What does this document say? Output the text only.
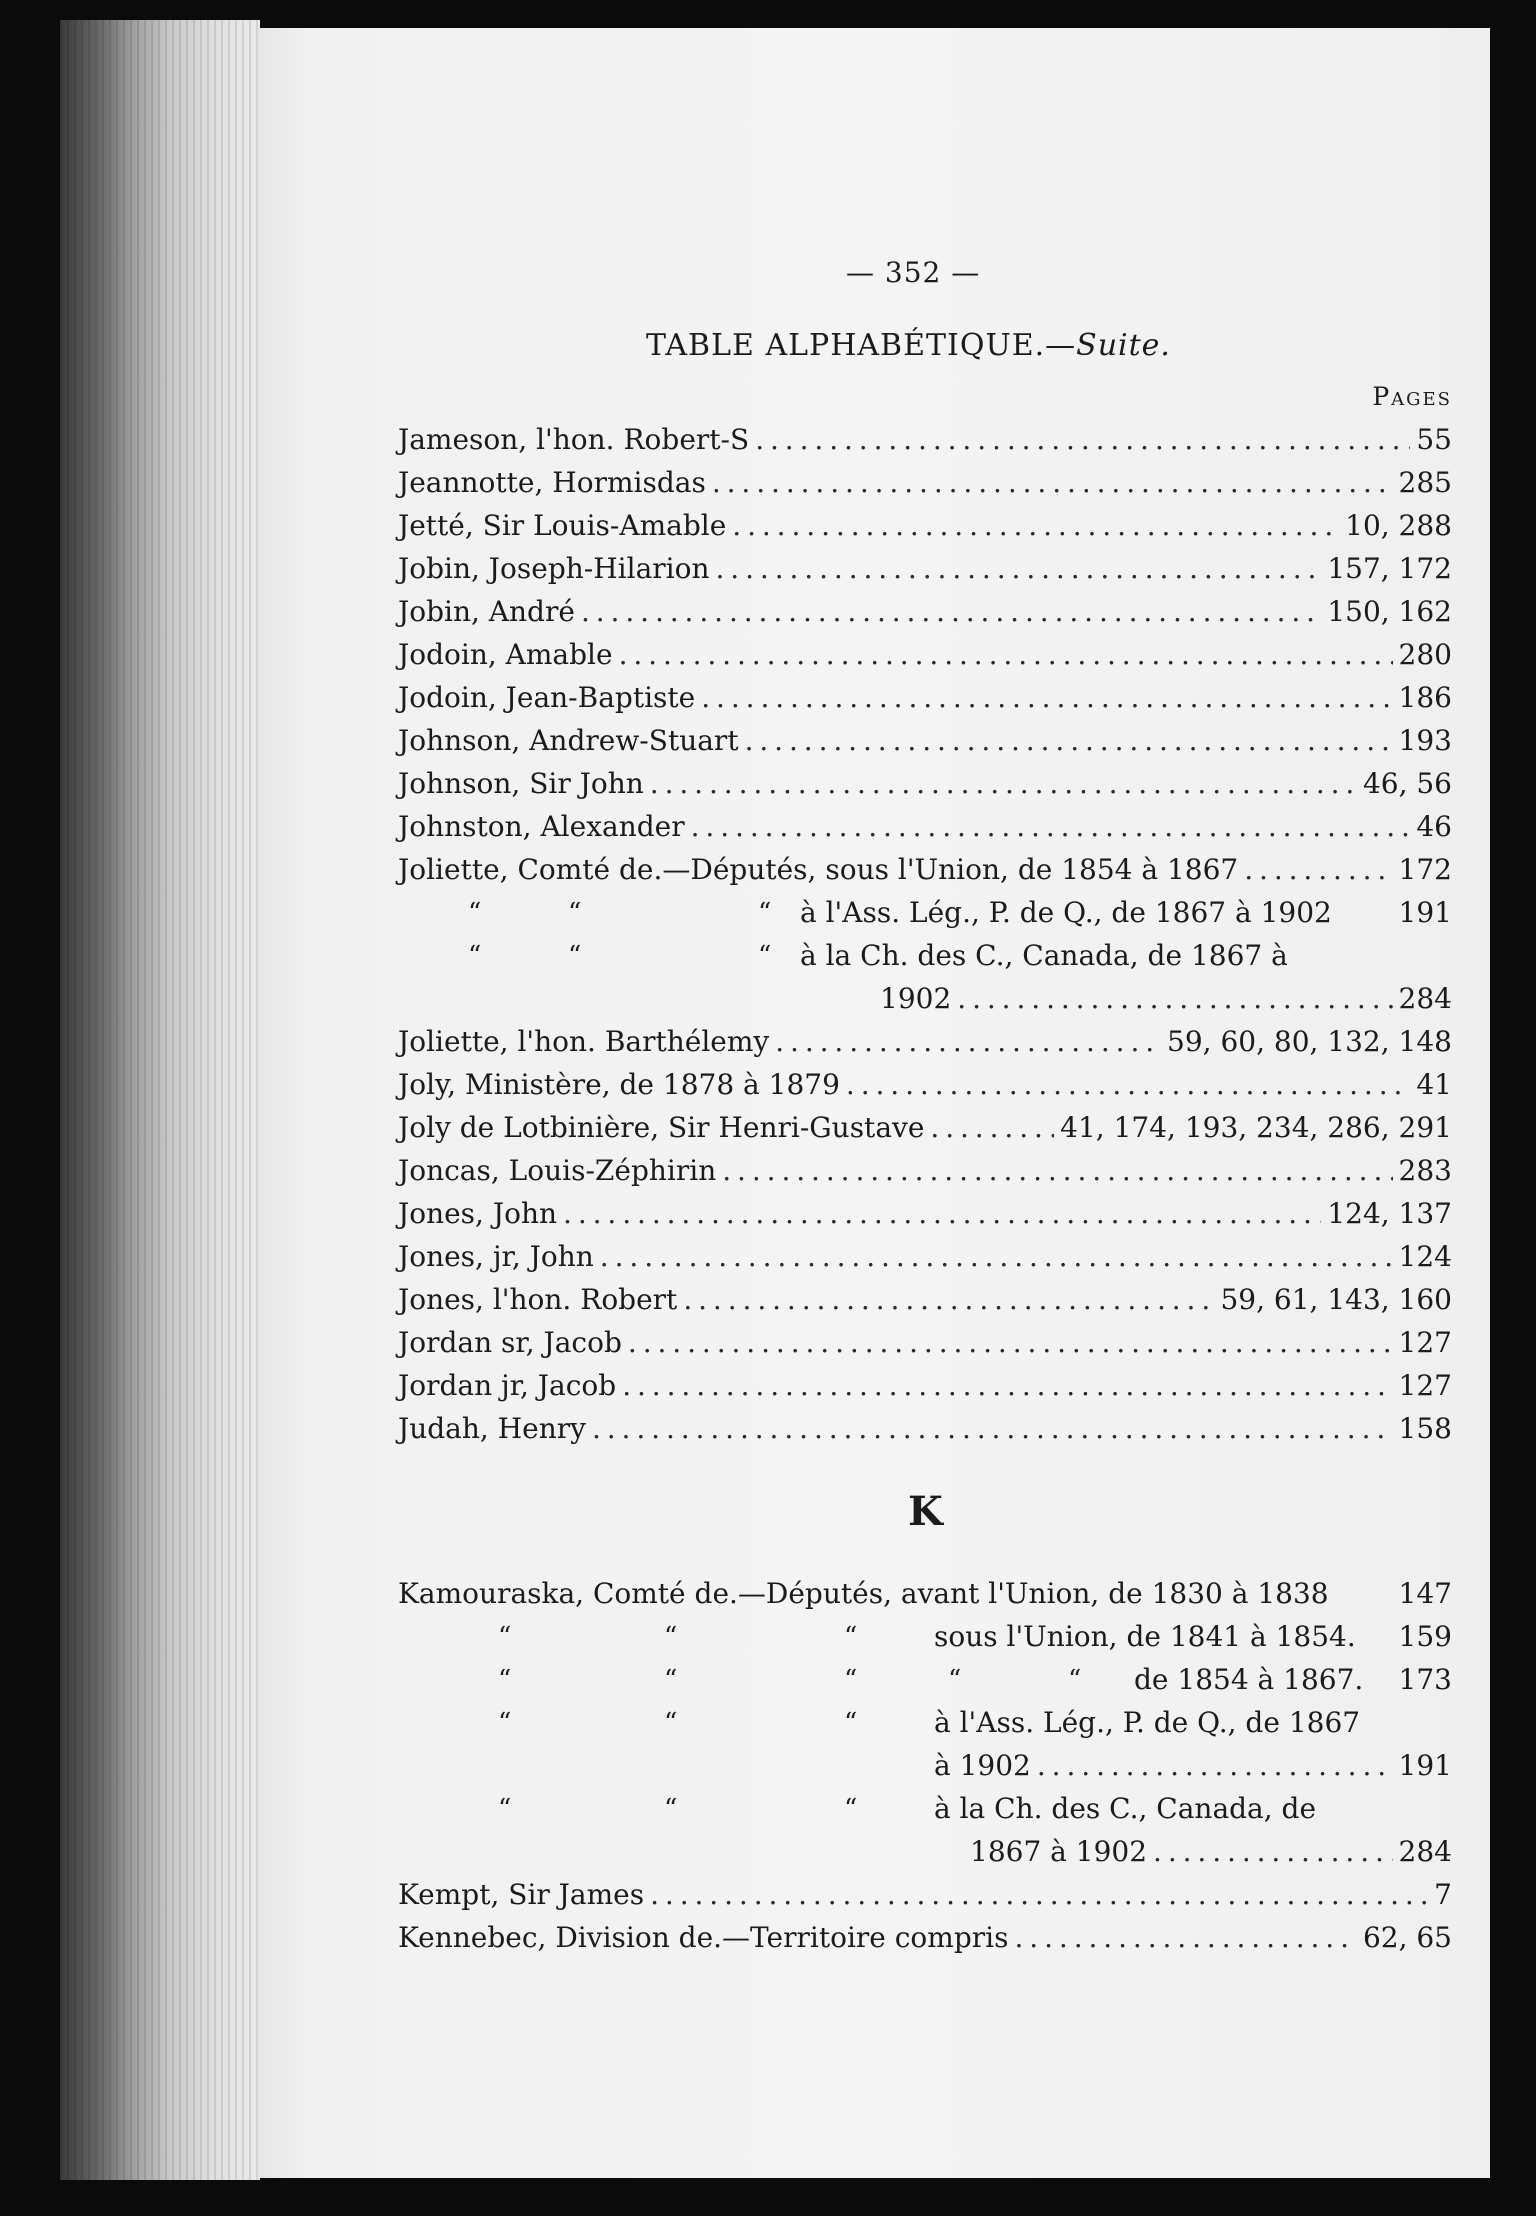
— 352 —
TABLE ALPHABÉTIQUE.—Suite.
Pages
Jameson, l'hon. Robert-S . . .	55
Jeannotte, Hormisdas . . .	285
Jetté, Sir Louis-Amable . . .	10, 288
Jobin, Joseph-Hilarion . . .	157, 172
Jobin, André . . .	150, 162
Jodoin, Amable . . .	280
Jodoin, Jean-Baptiste . . .	186
Johnson, Andrew-Stuart . . .	193
Johnson, Sir John . . .	46, 56
Johnston, Alexander . . .	46
Joliette, Comté de.—Députés, sous l'Union, de 1854 à 1867 . . .	172
“	“	“ à l'Ass. Lég., P. de Q., de 1867 à 1902 191
“	“	“ à la Ch. des C., Canada, de 1867 à
1902 . . .	284
Joliette, l'hon. Barthélemy . . .	59, 60, 80, 132, 148
Joly, Ministère, de 1878 à 1879 . . .	41
Joly de Lotbinière, Sir Henri-Gustave . . .	41, 174, 193, 234, 286, 291
Joncas, Louis-Zéphirin . . .	283
Jones, John . . .	124, 137
Jones, jr, John . . .	124
Jones, l'hon. Robert . . .	59, 61, 143, 160
Jordan sr, Jacob . . .	127
Jordan jr, Jacob . . .	127
Judah, Henry . . .	158
K
Kamouraska, Comté de.—Députés, avant l'Union, de 1830 à 1838 147
“	“	“	sous l'Union, de 1841 à 1854. 159
“	“	“	“	“ de 1854 à 1867. 173
“	“	“	à l'Ass. Lég., P. de Q., de 1867
à 1902 . . .	191
“	“	“	à la Ch. des C., Canada, de
1867 à 1902 . . .	284
Kempt, Sir James . . .	7
Kennebec, Division de.—Territoire compris . . .	62, 65
